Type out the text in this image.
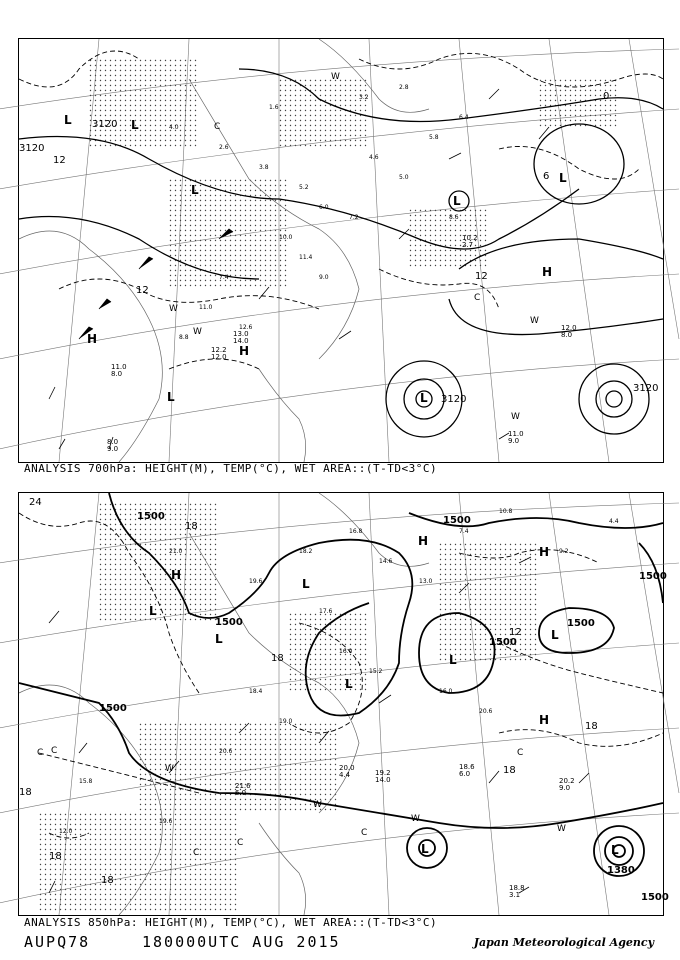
4.0
2.6
3.8
5.2
6.0
7.2
10.0
11.4
9.0
4.6
5.0
5.8
8.6
6.4
7.4
11.0
8.8
12.6
3.2
2.8
1.6
L	L
L
L
L
H
H
H
L	L
3120
3120
3120
3120
12
12
12
6
0
W
W
W
C
W
W
C
11.0
8.0
12.2
12.0
13.0
14.0
10.2
2.7
12.0
8.0
11.0
9.0
8.0
9.0
ANALYSIS 700hPa: HEIGHT(M), TEMP(°C), WET AREA::(T-TD<3°C)
21.0
19.6
18.2
16.8
14.6
13.0
17.6
16.0
15.2
18.4
19.0
20.6
19.6
15.8
12.0
7.4
10.8
9.2
4.4
16.0
20.6
H
L
L
H
L
L
H
H
L
L	L
L
1500
1500
1500
1500
1500
1500
1500
1380
1500
24
18
18
18
18
18
18
18
12
C
C
C
C
W
W
W
W
C
C
20.2
9.0
18.6
6.0
18.8
3.1
21.6
6.0
20.0
4.4	19.2
14.0
ANALYSIS 850hPa: HEIGHT(M), TEMP(°C), WET AREA::(T-TD<3°C)
AUPQ78	180000UTC AUG 2015	Japan Meteorological Agency
